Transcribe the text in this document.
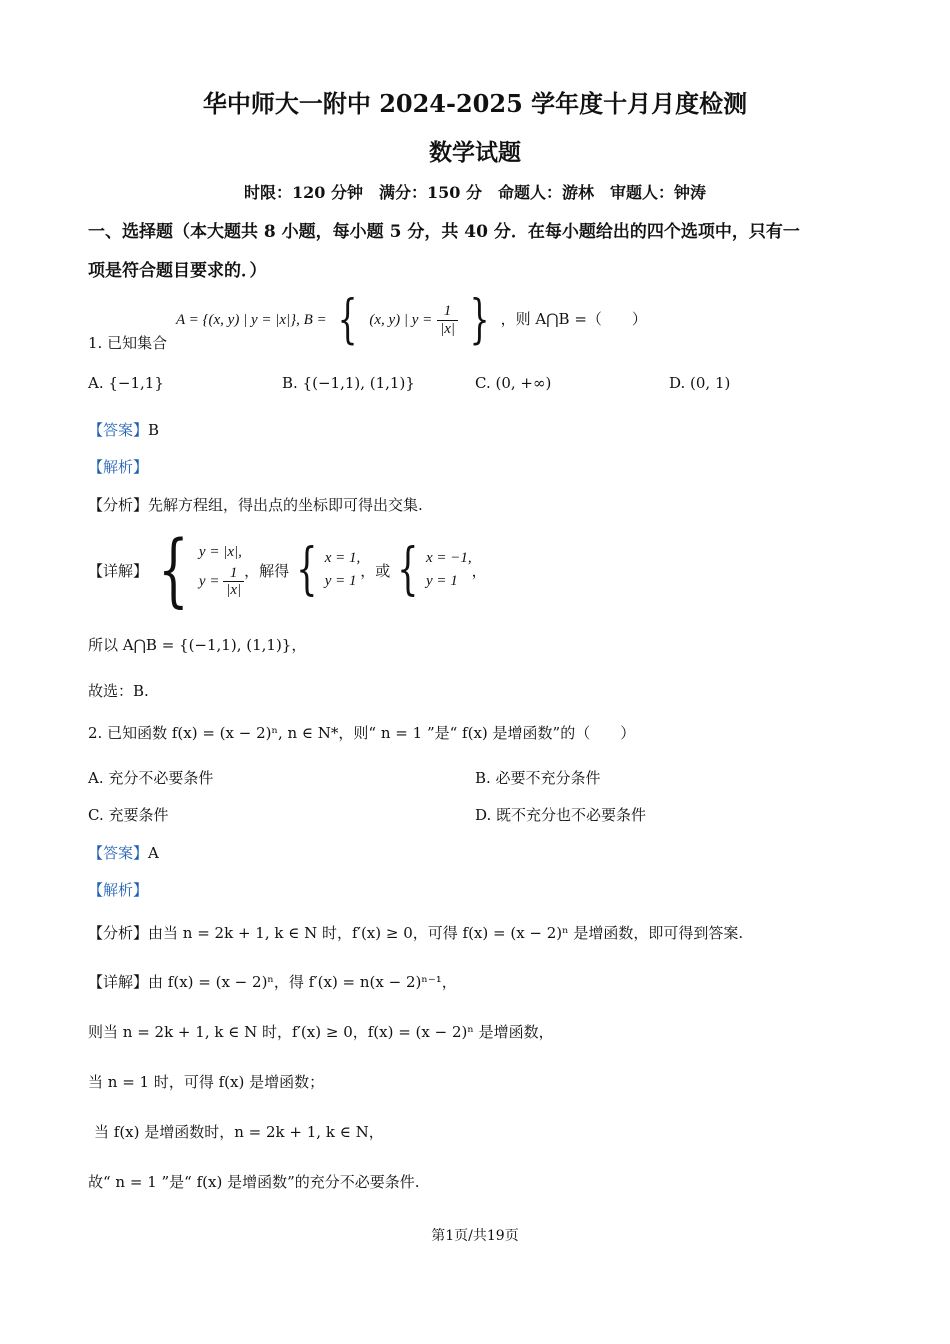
华中师大一附中 2024-2025 学年度十月月度检测
数学试题
时限：120 分钟　满分：150 分　命题人：游林　审题人：钟涛
一、选择题（本大题共 8 小题，每小题 5 分，共 40 分．在每小题给出的四个选项中，只有一
项是符合题目要求的．）
1. 已知集合
A = {(x, y) | y = |x|}, B = { (x, y) | $y = \frac{1}{|x|}$ } ，则 A⋂B =（　　）
A. {−1,1}	B. {(−1,1), (1,1)}	C. (0, +∞)	D. (0, 1)
【答案】B
【解析】
【分析】先解方程组，得出点的坐标即可得出交集.
【详解】 { y = |x|,
$y = \frac{1}{|x|}$ ，解得 { x = 1,
y = 1
，或 { x = −1,
y = 1
，
所以 A⋂B = {(−1,1), (1,1)}，
故选：B.
2. 已知函数 f(x) = (x − 2)ⁿ, n ∈ N*，则“ n = 1 ”是“ f(x) 是增函数”的（　　）
A. 充分不必要条件	B. 必要不充分条件
C. 充要条件	D. 既不充分也不必要条件
【答案】A
【解析】
【分析】由当 n = 2k + 1, k ∈ N 时，f′(x) ≥ 0，可得 f(x) = (x − 2)ⁿ 是增函数，即可得到答案.
【详解】由 f(x) = (x − 2)ⁿ，得 f′(x) = n(x − 2)ⁿ⁻¹，
则当 n = 2k + 1, k ∈ N 时，f′(x) ≥ 0，f(x) = (x − 2)ⁿ 是增函数，
当 n = 1 时，可得 f(x) 是增函数；
当 f(x) 是增函数时，n = 2k + 1, k ∈ N，
故“ n = 1 ”是“ f(x) 是增函数”的充分不必要条件.
第1页/共19页
